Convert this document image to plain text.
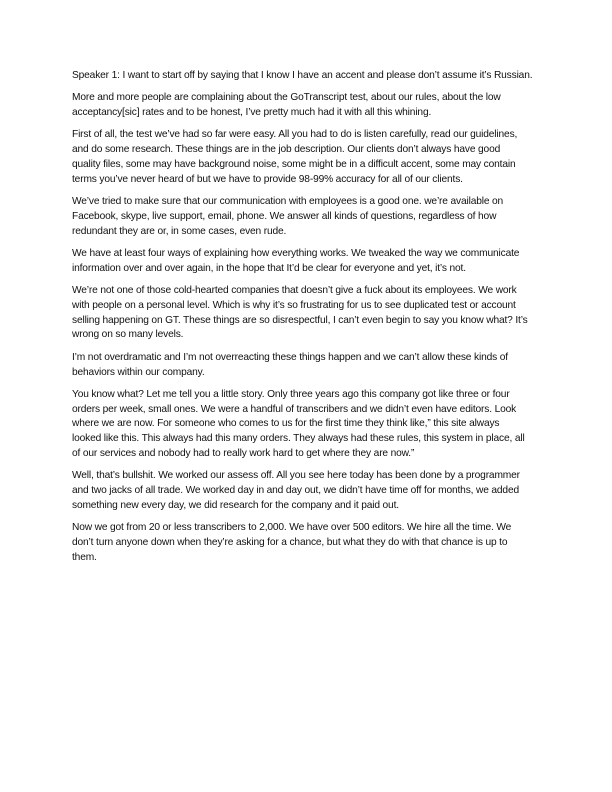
Speaker 1: I want to start off by saying that I know I have an accent and please don’t assume it’s Russian.

More and more people are complaining about the GoTranscript test, about our rules, about the low
acceptancy[sic] rates and to be honest, I’ve pretty much had it with all this whining.

First of all, the test we’ve had so far were easy. All you had to do is listen carefully, read our guidelines,
and do some research. These things are in the job description. Our clients don’t always have good
quality files, some may have background noise, some might be in a difficult accent, some may contain
terms you’ve never heard of but we have to provide 98-99% accuracy for all of our clients.

We’ve tried to make sure that our communication with employees is a good one. we’re available on
Facebook, skype, live support, email, phone. We answer all kinds of questions, regardless of how
redundant they are or, in some cases, even rude.

We have at least four ways of explaining how everything works. We tweaked the way we communicate
information over and over again, in the hope that It’d be clear for everyone and yet, it’s not.

We’re not one of those cold-hearted companies that doesn’t give a fuck about its employees. We work
with people on a personal level. Which is why it’s so frustrating for us to see duplicated test or account
selling happening on GT. These things are so disrespectful, I can’t even begin to say you know what? It’s
wrong on so many levels.

I’m not overdramatic and I’m not overreacting these things happen and we can’t allow these kinds of
behaviors within our company.

You know what? Let me tell you a little story. Only three years ago this company got like three or four
orders per week, small ones. We were a handful of transcribers and we didn’t even have editors. Look
where we are now. For someone who comes to us for the first time they think like,” this site always
looked like this. This always had this many orders. They always had these rules, this system in place, all
of our services and nobody had to really work hard to get where they are now.”

Well, that’s bullshit. We worked our assess off. All you see here today has been done by a programmer
and two jacks of all trade. We worked day in and day out, we didn’t have time off for months, we added
something new every day, we did research for the company and it paid out.

Now we got from 20 or less transcribers to 2,000. We have over 500 editors. We hire all the time. We
don’t turn anyone down when they’re asking for a chance, but what they do with that chance is up to
them.
